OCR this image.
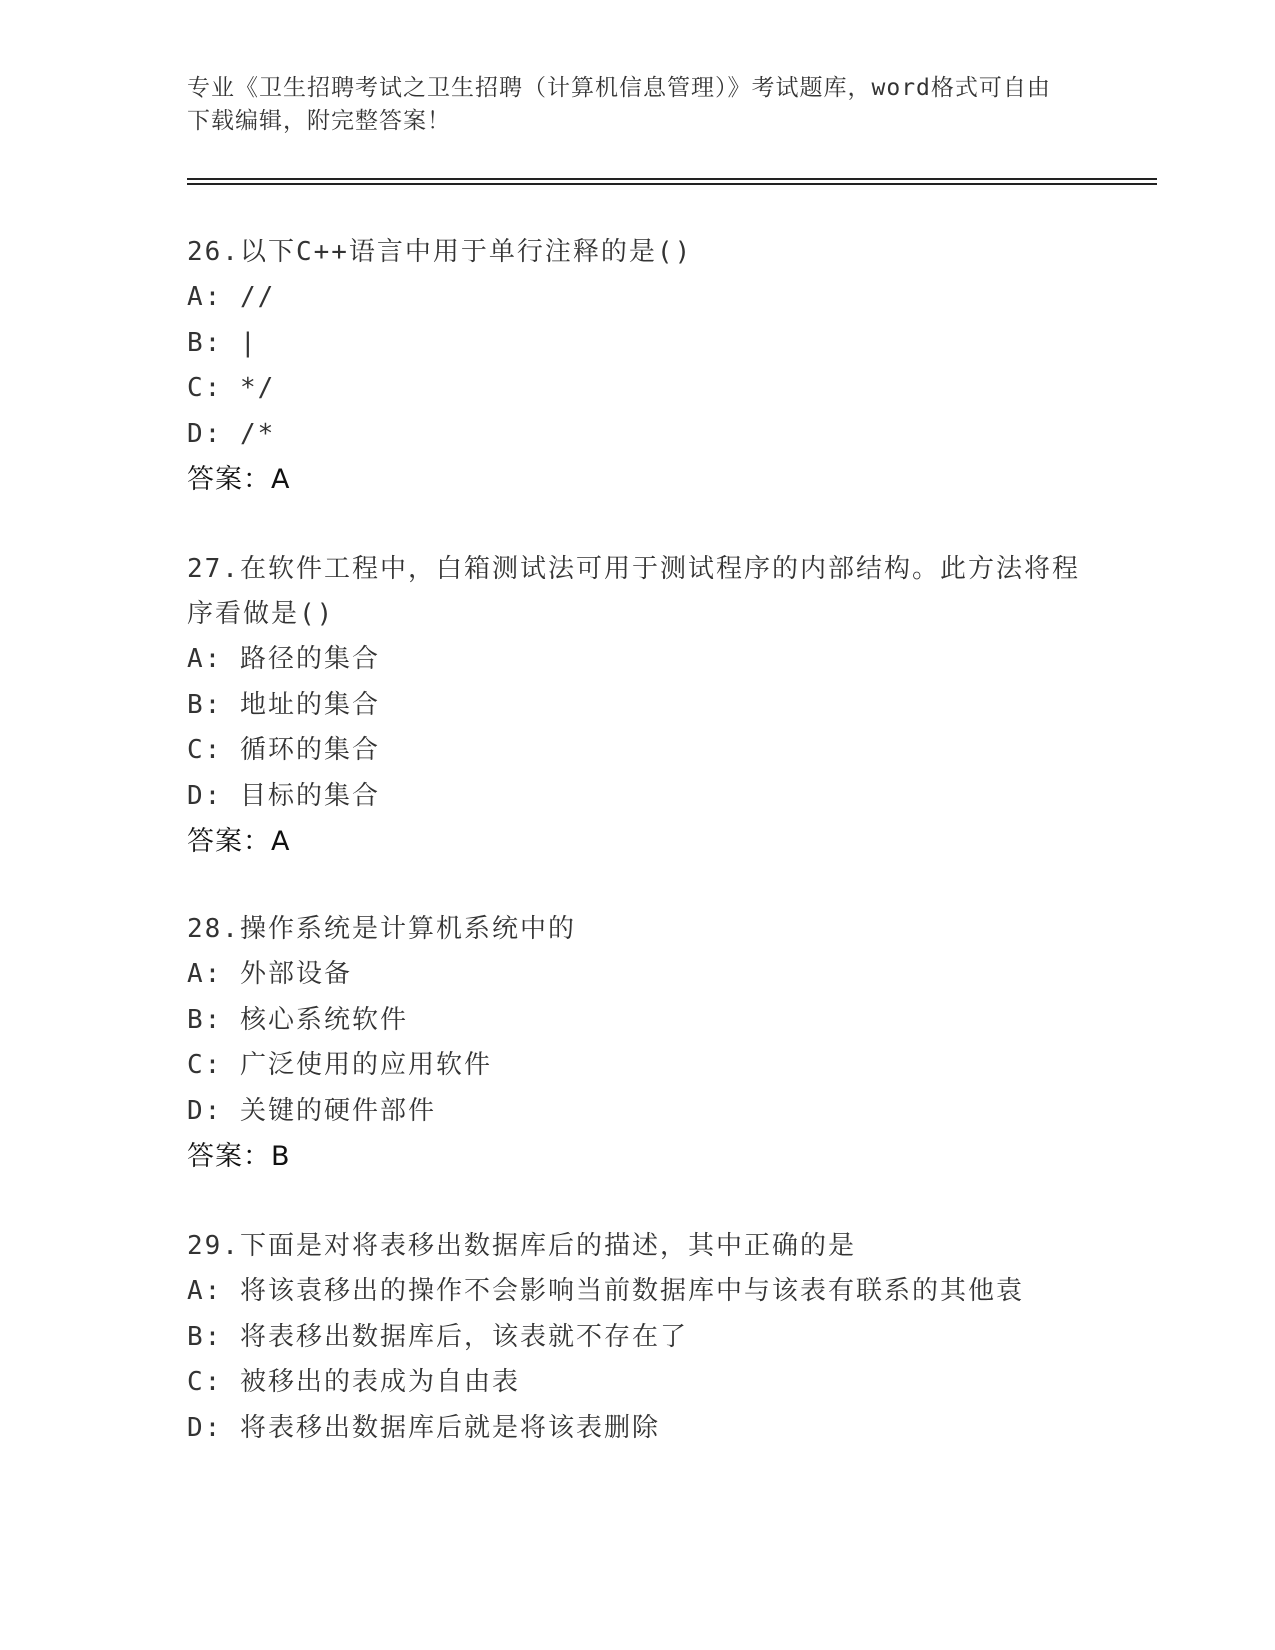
专业《卫生招聘考试之卫生招聘（计算机信息管理）》考试题库，word格式可自由下载编辑，附完整答案！
26.以下C++语言中用于单行注释的是()
A: //
B: |
C: */
D: /*
答案：A
27.在软件工程中，白箱测试法可用于测试程序的内部结构。此方法将程序看做是()
A: 路径的集合
B: 地址的集合
C: 循环的集合
D: 目标的集合
答案：A
28.操作系统是计算机系统中的
A: 外部设备
B: 核心系统软件
C: 广泛使用的应用软件
D: 关键的硬件部件
答案：B
29.下面是对将表移出数据库后的描述，其中正确的是
A: 将该袁移出的操作不会影响当前数据库中与该表有联系的其他袁
B: 将表移出数据库后，该表就不存在了
C: 被移出的表成为自由表
D: 将表移出数据库后就是将该表删除
